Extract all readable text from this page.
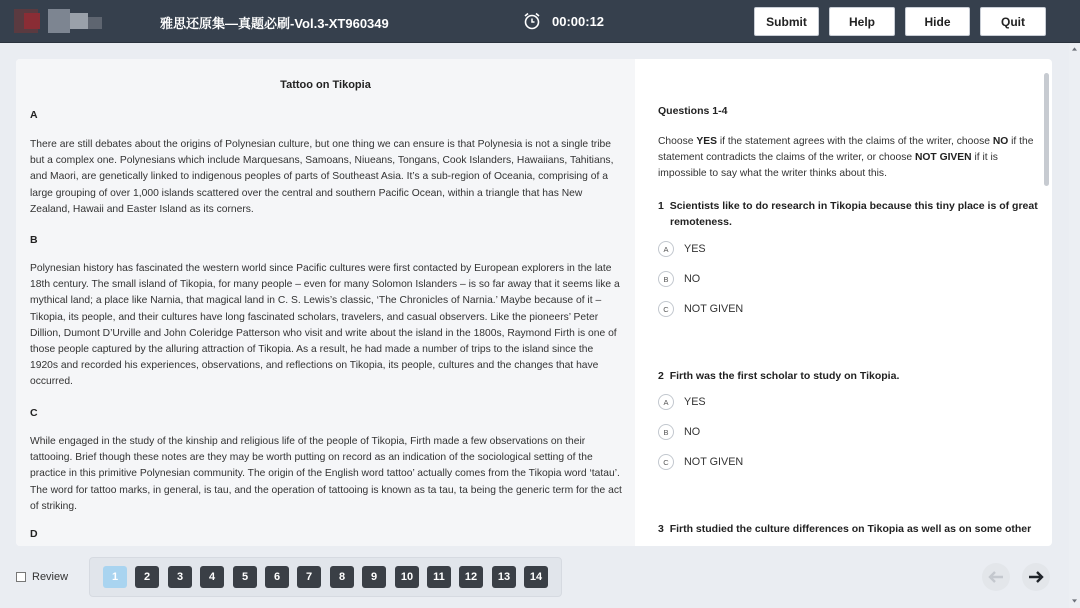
雅思还原集—真题必刷-Vol.3-XT960349	00:00:12	Submit	Help	Hide	Quit
Tattoo on Tikopia
A
There are still debates about the origins of Polynesian culture, but one thing we can ensure is that Polynesia is not a single tribe but a complex one. Polynesians which include Marquesans, Samoans, Niueans, Tongans, Cook Islanders, Hawaiians, Tahitians, and Maori, are genetically linked to indigenous peoples of parts of Southeast Asia. It’s a sub-region of Oceania, comprising of a large grouping of over 1,000 islands scattered over the central and southern Pacific Ocean, within a triangle that has New Zealand, Hawaii and Easter Island as its corners.
B
Polynesian history has fascinated the western world since Pacific cultures were first contacted by European explorers in the late 18th century. The small island of Tikopia, for many people – even for many Solomon Islanders – is so far away that it seems like a mythical land; a place like Narnia, that magical land in C. S. Lewis’s classic, ‘The Chronicles of Narnia.’ Maybe because of it – Tikopia, its people, and their cultures have long fascinated scholars, travelers, and casual observers. Like the pioneers’ Peter Dillion, Dumont D’Urville and John Coleridge Patterson who visit and write about the island in the 1800s, Raymond Firth is one of those people captured by the alluring attraction of Tikopia. As a result, he had made a number of trips to the island since the 1920s and recorded his experiences, observations, and reflections on Tikopia, its people, cultures and the changes that have occurred.
C
While engaged in the study of the kinship and religious life of the people of Tikopia, Firth made a few observations on their tattooing. Brief though these notes are they may be worth putting on record as an indication of the sociological setting of the practice in this primitive Polynesian community. The origin of the English word tattoo’ actually comes from the Tikopia word ‘tatau’. The word for tattoo marks, in general, is tau, and the operation of tattooing is known as ta tau, ta being the generic term for the act of striking.
D
Questions 1-4
Choose YES if the statement agrees with the claims of the writer, choose NO if the statement contradicts the claims of the writer, or choose NOT GIVEN if it is impossible to say what the writer thinks about this.
1 Scientists like to do research in Tikopia because this tiny place is of great remoteness.
A	YES
B	NO
C	NOT GIVEN
2 Firth was the first scholar to study on Tikopia.
A	YES
B	NO
C	NOT GIVEN
3 Firth studied the culture differences on Tikopia as well as on some other
Review	1	2	3	4	5	6	7	8	9	10	11	12	13	14
